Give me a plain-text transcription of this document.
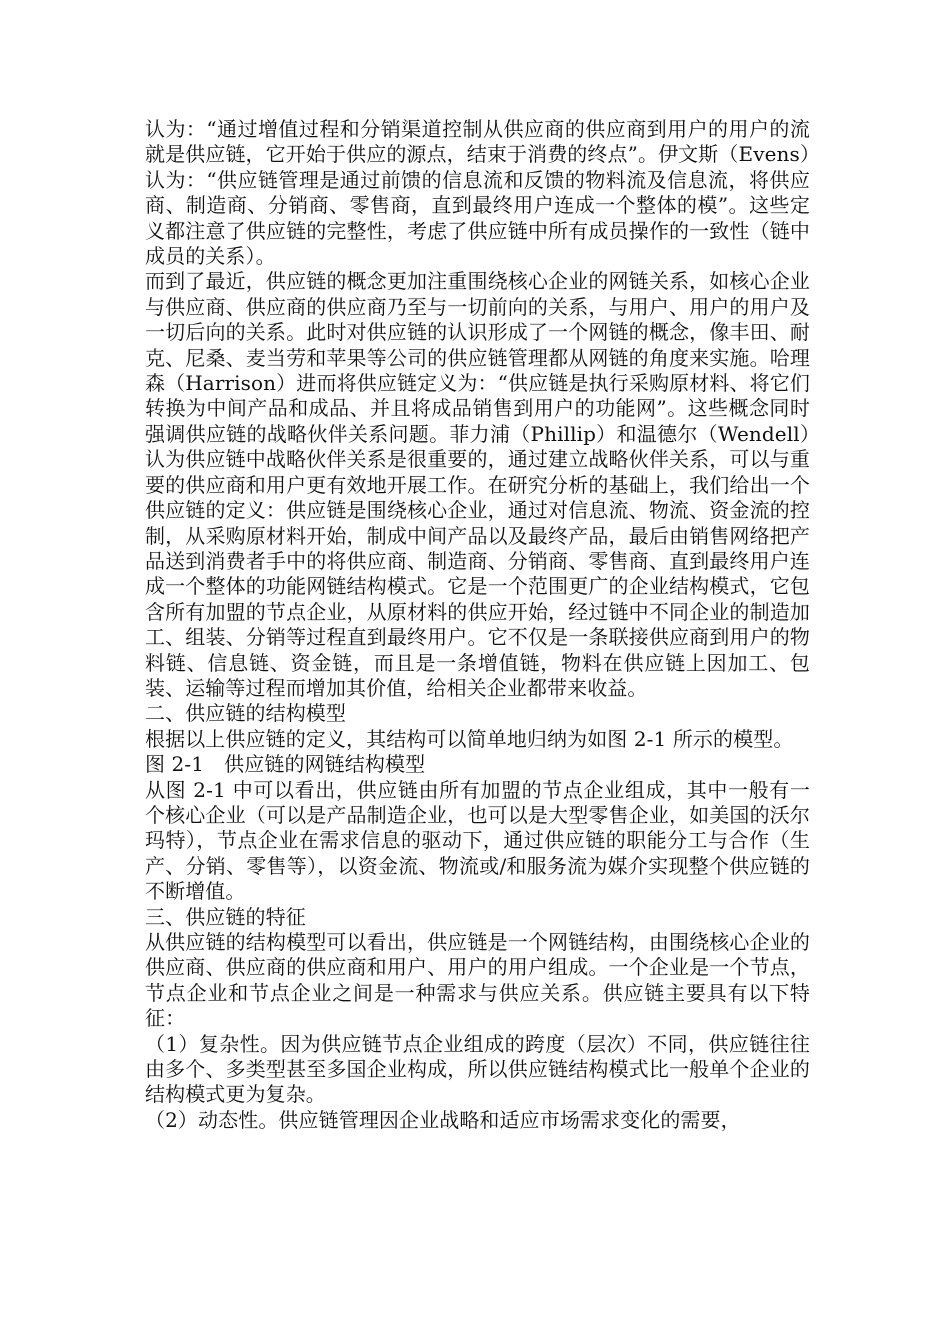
认为：“通过增值过程和分销渠道控制从供应商的供应商到用户的用户的流就是供应链，它开始于供应的源点，结束于消费的终点”。伊文斯（Evens）认为：“供应链管理是通过前馈的信息流和反馈的物料流及信息流，将供应商、制造商、分销商、零售商，直到最终用户连成一个整体的模”。这些定义都注意了供应链的完整性，考虑了供应链中所有成员操作的一致性（链中成员的关系）。

而到了最近，供应链的概念更加注重围绕核心企业的网链关系，如核心企业与供应商、供应商的供应商乃至与一切前向的关系，与用户、用户的用户及一切后向的关系。此时对供应链的认识形成了一个网链的概念，像丰田、耐克、尼桑、麦当劳和苹果等公司的供应链管理都从网链的角度来实施。哈理森（Harrison）进而将供应链定义为：“供应链是执行采购原材料、将它们转换为中间产品和成品、并且将成品销售到用户的功能网”。这些概念同时强调供应链的战略伙伴关系问题。菲力浦（Phillip）和温德尔（Wendell）认为供应链中战略伙伴关系是很重要的，通过建立战略伙伴关系，可以与重要的供应商和用户更有效地开展工作。在研究分析的基础上，我们给出一个供应链的定义：供应链是围绕核心企业，通过对信息流、物流、资金流的控制，从采购原材料开始，制成中间产品以及最终产品，最后由销售网络把产品送到消费者手中的将供应商、制造商、分销商、零售商、直到最终用户连成一个整体的功能网链结构模式。它是一个范围更广的企业结构模式，它包含所有加盟的节点企业，从原材料的供应开始，经过链中不同企业的制造加工、组装、分销等过程直到最终用户。它不仅是一条联接供应商到用户的物料链、信息链、资金链，而且是一条增值链，物料在供应链上因加工、包装、运输等过程而增加其价值，给相关企业都带来收益。

二、供应链的结构模型

根据以上供应链的定义，其结构可以简单地归纳为如图 2-1 所示的模型。

图 2-1　供应链的网链结构模型

从图 2-1 中可以看出，供应链由所有加盟的节点企业组成，其中一般有一个核心企业（可以是产品制造企业，也可以是大型零售企业，如美国的沃尔玛特），节点企业在需求信息的驱动下，通过供应链的职能分工与合作（生产、分销、零售等），以资金流、物流或/和服务流为媒介实现整个供应链的不断增值。

三、供应链的特征

从供应链的结构模型可以看出，供应链是一个网链结构，由围绕核心企业的供应商、供应商的供应商和用户、用户的用户组成。一个企业是一个节点，节点企业和节点企业之间是一种需求与供应关系。供应链主要具有以下特征：

（1）复杂性。因为供应链节点企业组成的跨度（层次）不同，供应链往往由多个、多类型甚至多国企业构成，所以供应链结构模式比一般单个企业的结构模式更为复杂。

（2）动态性。供应链管理因企业战略和适应市场需求变化的需要，
